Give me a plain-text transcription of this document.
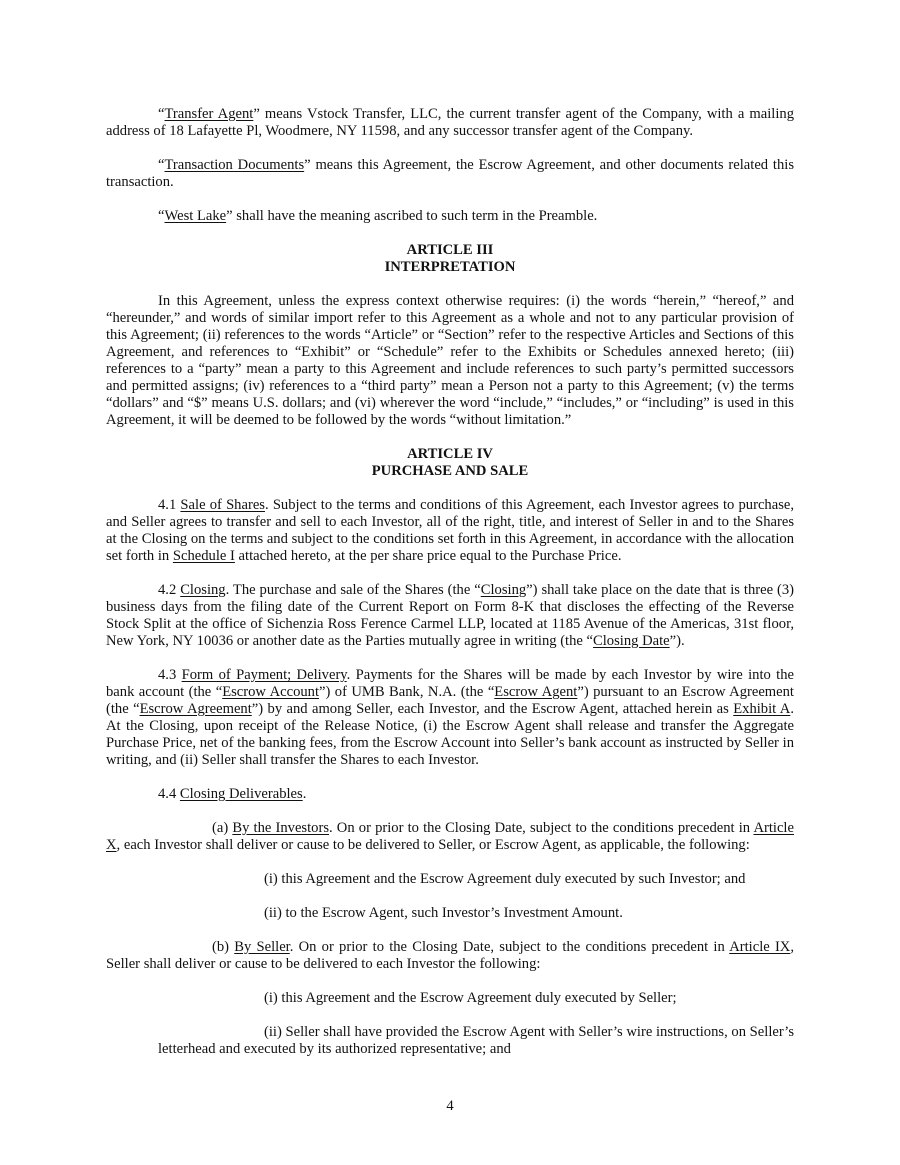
“Transfer Agent” means Vstock Transfer, LLC, the current transfer agent of the Company, with a mailing address of 18 Lafayette Pl, Woodmere, NY 11598, and any successor transfer agent of the Company.

“Transaction Documents” means this Agreement, the Escrow Agreement, and other documents related this transaction.

“West Lake” shall have the meaning ascribed to such term in the Preamble.

ARTICLE III
INTERPRETATION

In this Agreement, unless the express context otherwise requires: (i) the words “herein,” “hereof,” and “hereunder,” and words of similar import refer to this Agreement as a whole and not to any particular provision of this Agreement; (ii) references to the words “Article” or “Section” refer to the respective Articles and Sections of this Agreement, and references to “Exhibit” or “Schedule” refer to the Exhibits or Schedules annexed hereto; (iii) references to a “party” mean a party to this Agreement and include references to such party’s permitted successors and permitted assigns; (iv) references to a “third party” mean a Person not a party to this Agreement; (v) the terms “dollars” and “$” means U.S. dollars; and (vi) wherever the word “include,” “includes,” or “including” is used in this Agreement, it will be deemed to be followed by the words “without limitation.”

ARTICLE IV
PURCHASE AND SALE

4.1 Sale of Shares. Subject to the terms and conditions of this Agreement, each Investor agrees to purchase, and Seller agrees to transfer and sell to each Investor, all of the right, title, and interest of Seller in and to the Shares at the Closing on the terms and subject to the conditions set forth in this Agreement, in accordance with the allocation set forth in Schedule I attached hereto, at the per share price equal to the Purchase Price.

4.2 Closing. The purchase and sale of the Shares (the “Closing”) shall take place on the date that is three (3) business days from the filing date of the Current Report on Form 8-K that discloses the effecting of the Reverse Stock Split at the office of Sichenzia Ross Ference Carmel LLP, located at 1185 Avenue of the Americas, 31st floor, New York, NY 10036 or another date as the Parties mutually agree in writing (the “Closing Date”).

4.3 Form of Payment; Delivery. Payments for the Shares will be made by each Investor by wire into the bank account (the “Escrow Account”) of UMB Bank, N.A. (the “Escrow Agent”) pursuant to an Escrow Agreement (the “Escrow Agreement”) by and among Seller, each Investor, and the Escrow Agent, attached herein as Exhibit A. At the Closing, upon receipt of the Release Notice, (i) the Escrow Agent shall release and transfer the Aggregate Purchase Price, net of the banking fees, from the Escrow Account into Seller’s bank account as instructed by Seller in writing, and (ii) Seller shall transfer the Shares to each Investor.

4.4 Closing Deliverables.

(a) By the Investors. On or prior to the Closing Date, subject to the conditions precedent in Article X, each Investor shall deliver or cause to be delivered to Seller, or Escrow Agent, as applicable, the following:

(i) this Agreement and the Escrow Agreement duly executed by such Investor; and

(ii) to the Escrow Agent, such Investor’s Investment Amount.

(b) By Seller. On or prior to the Closing Date, subject to the conditions precedent in Article IX, Seller shall deliver or cause to be delivered to each Investor the following:

(i) this Agreement and the Escrow Agreement duly executed by Seller;

(ii) Seller shall have provided the Escrow Agent with Seller’s wire instructions, on Seller’s letterhead and executed by its authorized representative; and

4
